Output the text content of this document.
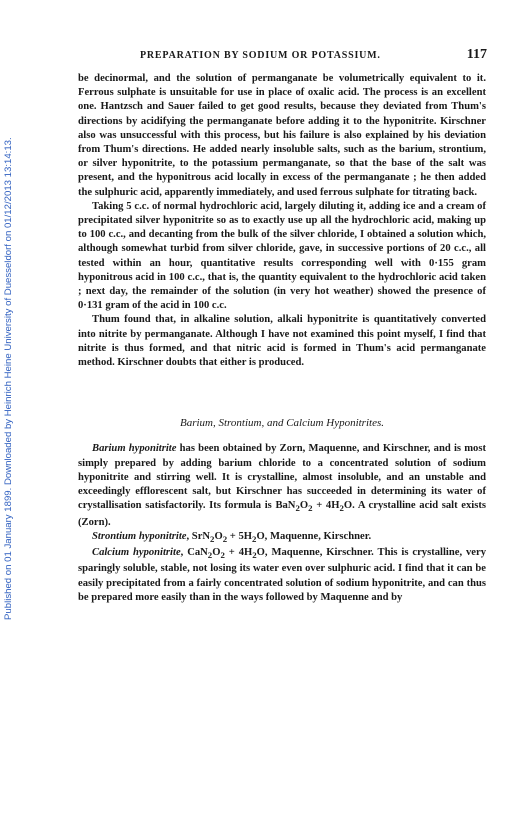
Published on 01 January 1899. Downloaded by Heinrich Heine University of Duesseldorf on 01/12/2013 13:14:13.
PREPARATION BY SODIUM OR POTASSIUM.	117

be decinormal, and the solution of permanganate be volumetrically equivalent to it. Ferrous sulphate is unsuitable for use in place of oxalic acid. The process is an excellent one. Hantzsch and Sauer failed to get good results, because they deviated from Thum's directions by acidifying the permanganate before adding it to the hyponitrite. Kirschner also was unsuccessful with this process, but his failure is also explained by his deviation from Thum's directions. He added nearly insoluble salts, such as the barium, strontium, or silver hyponitrite, to the potassium permanganate, so that the base of the salt was present, and the hyponitrous acid locally in excess of the permanganate ; he then added the sulphuric acid, apparently immediately, and used ferrous sulphate for titrating back.

Taking 5 c.c. of normal hydrochloric acid, largely diluting it, adding ice and a cream of precipitated silver hyponitrite so as to exactly use up all the hydrochloric acid, making up to 100 c.c., and decanting from the bulk of the silver chloride, I obtained a solution which, although somewhat turbid from silver chloride, gave, in successive portions of 20 c.c., all tested within an hour, quantitative results corresponding well with 0·155 gram hyponitrous acid in 100 c.c., that is, the quantity equivalent to the hydrochloric acid taken ; next day, the remainder of the solution (in very hot weather) showed the presence of 0·131 gram of the acid in 100 c.c.

Thum found that, in alkaline solution, alkali hyponitrite is quantitatively converted into nitrite by permanganate. Although I have not examined this point myself, I find that nitrite is thus formed, and that nitric acid is formed in Thum's acid permanganate method. Kirschner doubts that either is produced.

Barium, Strontium, and Calcium Hyponitrites.

Barium hyponitrite has been obtained by Zorn, Maquenne, and Kirschner, and is most simply prepared by adding barium chloride to a concentrated solution of sodium hyponitrite and stirring well. It is crystalline, almost insoluble, and an unstable and exceedingly efflorescent salt, but Kirschner has succeeded in determining its water of crystallisation satisfactorily. Its formula is $BaN_2O_2 + 4H_2O$. A crystalline acid salt exists (Zorn).

Strontium hyponitrite, $SrN_2O_2 + 5H_2O$, Maquenne, Kirschner.

Calcium hyponitrite, $CaN_2O_2 + 4H_2O$, Maquenne, Kirschner. This is crystalline, very sparingly soluble, stable, not losing its water even over sulphuric acid. I find that it can be easily precipitated from a fairly concentrated solution of sodium hyponitrite, and can thus be prepared more easily than in the ways followed by Maquenne and by
